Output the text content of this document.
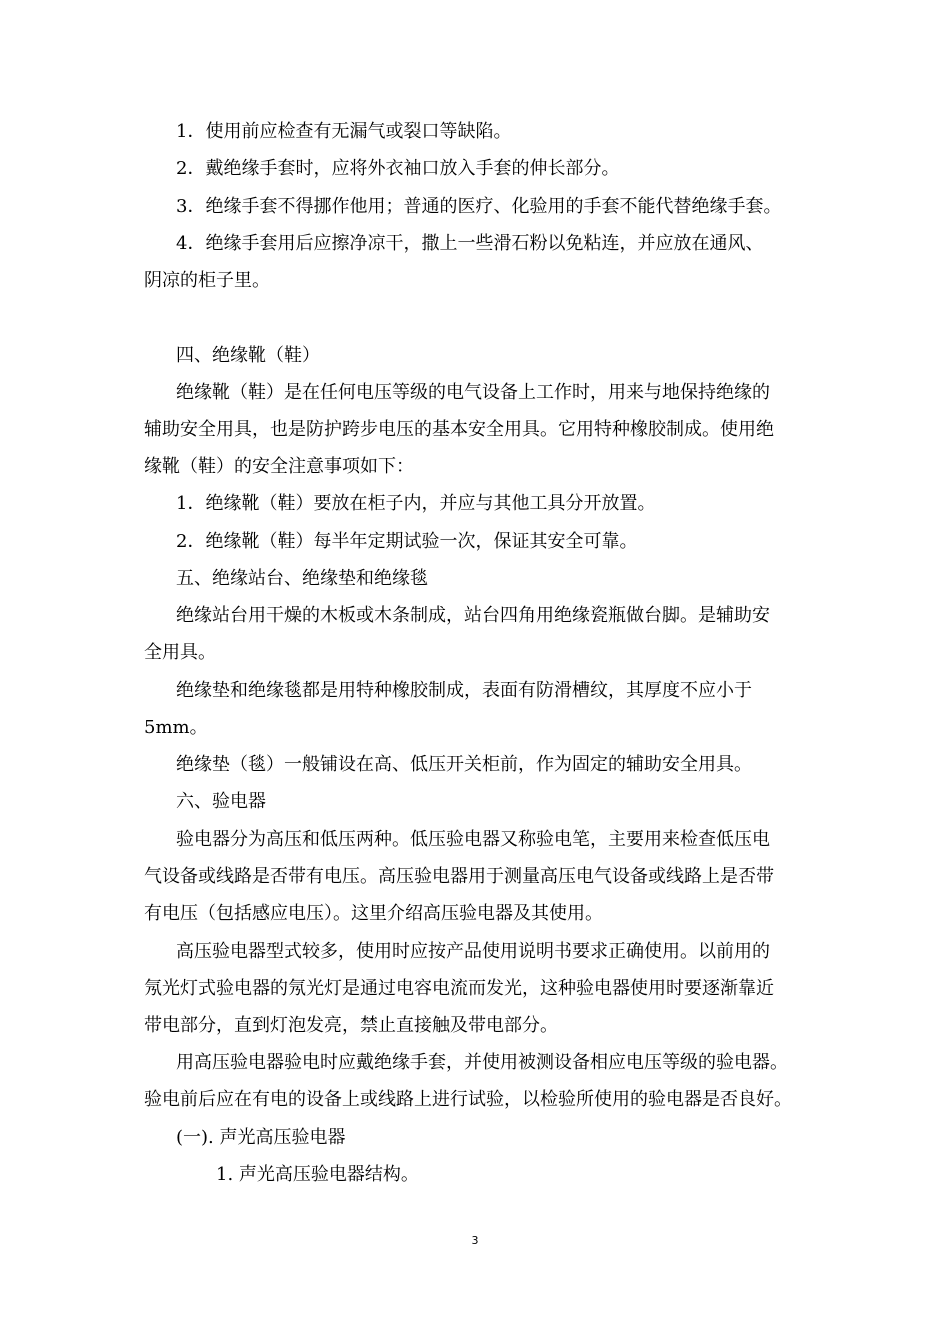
1．使用前应检查有无漏气或裂口等缺陷。
2．戴绝缘手套时，应将外衣袖口放入手套的伸长部分。
3．绝缘手套不得挪作他用；普通的医疗、化验用的手套不能代替绝缘手套。
4．绝缘手套用后应擦净凉干，撒上一些滑石粉以免粘连，并应放在通风、
阴凉的柜子里。
四、绝缘靴（鞋）
绝缘靴（鞋）是在任何电压等级的电气设备上工作时，用来与地保持绝缘的
辅助安全用具，也是防护跨步电压的基本安全用具。它用特种橡胶制成。使用绝
缘靴（鞋）的安全注意事项如下：
1．绝缘靴（鞋）要放在柜子内，并应与其他工具分开放置。
2．绝缘靴（鞋）每半年定期试验一次，保证其安全可靠。
五、绝缘站台、绝缘垫和绝缘毯
绝缘站台用干燥的木板或木条制成，站台四角用绝缘瓷瓶做台脚。是辅助安
全用具。
绝缘垫和绝缘毯都是用特种橡胶制成，表面有防滑槽纹，其厚度不应小于
5mm。
绝缘垫（毯）一般铺设在高、低压开关柜前，作为固定的辅助安全用具。
六、验电器
验电器分为高压和低压两种。低压验电器又称验电笔，主要用来检查低压电
气设备或线路是否带有电压。高压验电器用于测量高压电气设备或线路上是否带
有电压（包括感应电压）。这里介绍高压验电器及其使用。
高压验电器型式较多，使用时应按产品使用说明书要求正确使用。以前用的
氖光灯式验电器的氖光灯是通过电容电流而发光，这种验电器使用时要逐渐靠近
带电部分，直到灯泡发亮，禁止直接触及带电部分。
用高压验电器验电时应戴绝缘手套，并使用被测设备相应电压等级的验电器。
验电前后应在有电的设备上或线路上进行试验，以检验所使用的验电器是否良好。
(一). 声光高压验电器
1. 声光高压验电器结构。
3
